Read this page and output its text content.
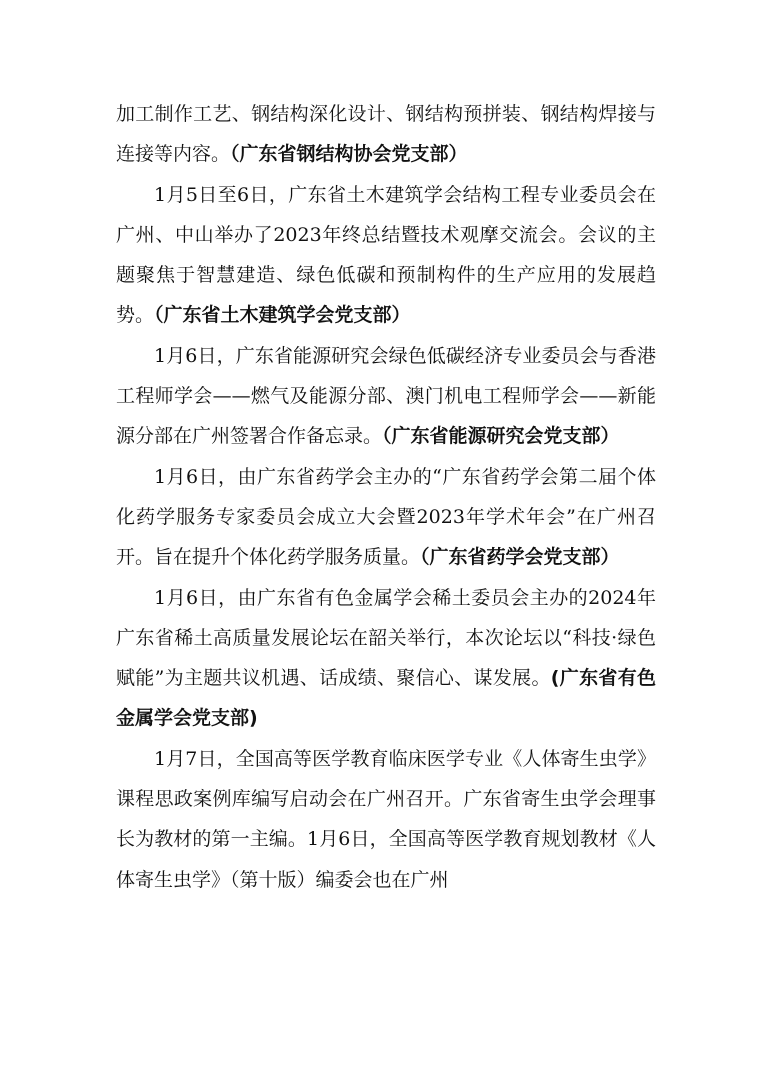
加工制作工艺、钢结构深化设计、钢结构预拼装、钢结构焊接与连接等内容。（广东省钢结构协会党支部）

1月5日至6日，广东省土木建筑学会结构工程专业委员会在广州、中山举办了2023年终总结暨技术观摩交流会。会议的主题聚焦于智慧建造、绿色低碳和预制构件的生产应用的发展趋势。（广东省土木建筑学会党支部）

1月6日，广东省能源研究会绿色低碳经济专业委员会与香港工程师学会——燃气及能源分部、澳门机电工程师学会——新能源分部在广州签署合作备忘录。（广东省能源研究会党支部）

1月6日，由广东省药学会主办的“广东省药学会第二届个体化药学服务专家委员会成立大会暨2023年学术年会”在广州召开。旨在提升个体化药学服务质量。（广东省药学会党支部）

1月6日，由广东省有色金属学会稀土委员会主办的2024年广东省稀土高质量发展论坛在韶关举行，本次论坛以“科技·绿色赋能”为主题共议机遇、话成绩、聚信心、谋发展。(广东省有色金属学会党支部)

1月7日，全国高等医学教育临床医学专业《人体寄生虫学》课程思政案例库编写启动会在广州召开。广东省寄生虫学会理事长为教材的第一主编。1月6日，全国高等医学教育规划教材《人体寄生虫学》（第十版）编委会也在广州
